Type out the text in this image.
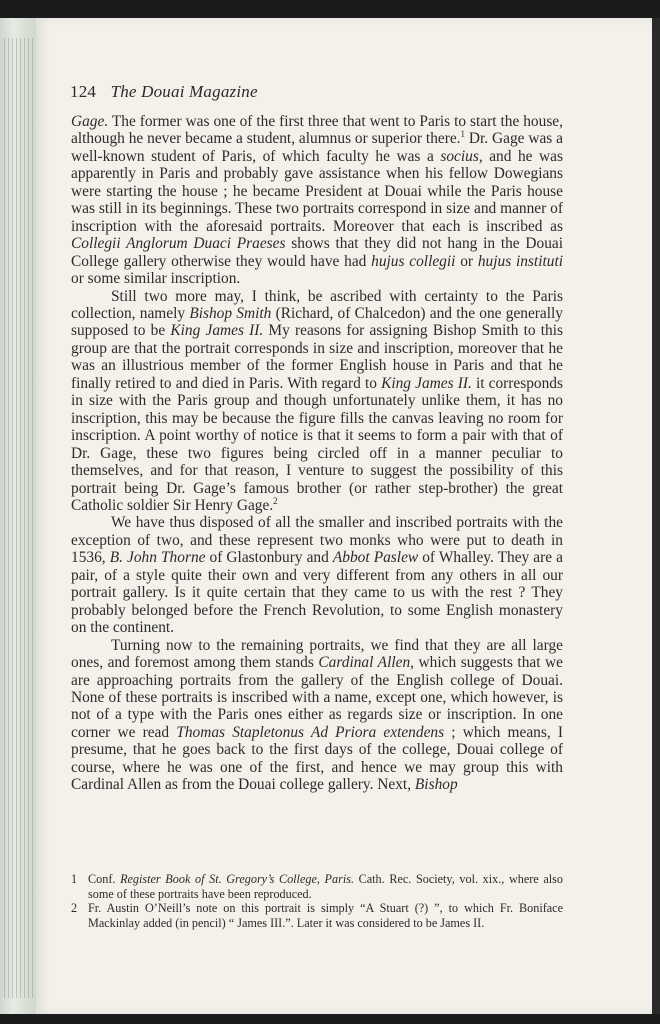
124 The Douai Magazine

Gage. The former was one of the first three that went to Paris to start the house, although he never became a student, alumnus or superior there.$^1$ Dr. Gage was a well-known student of Paris, of which faculty he was a socius, and he was apparently in Paris and probably gave assistance when his fellow Dowegians were starting the house ; he became President at Douai while the Paris house was still in its beginnings. These two portraits correspond in size and manner of inscription with the aforesaid portraits. Moreover that each is inscribed as Collegii Anglorum Duaci Praeses shows that they did not hang in the Douai College gallery otherwise they would have had hujus collegii or hujus instituti or some similar inscription.

Still two more may, I think, be ascribed with certainty to the Paris collection, namely Bishop Smith (Richard, of Chalcedon) and the one generally supposed to be King James II. My reasons for assigning Bishop Smith to this group are that the portrait corresponds in size and inscription, moreover that he was an illustrious member of the former English house in Paris and that he finally retired to and died in Paris. With regard to King James II. it corresponds in size with the Paris group and though unfortunately unlike them, it has no inscription, this may be because the figure fills the canvas leaving no room for inscription. A point worthy of notice is that it seems to form a pair with that of Dr. Gage, these two figures being circled off in a manner peculiar to themselves, and for that reason, I venture to suggest the possibility of this portrait being Dr. Gage’s famous brother (or rather step-brother) the great Catholic soldier Sir Henry Gage.$^2$

We have thus disposed of all the smaller and inscribed portraits with the exception of two, and these represent two monks who were put to death in 1536, B. John Thorne of Glastonbury and Abbot Paslew of Whalley. They are a pair, of a style quite their own and very different from any others in all our portrait gallery. Is it quite certain that they came to us with the rest ? They probably belonged before the French Revolution, to some English monastery on the continent.

Turning now to the remaining portraits, we find that they are all large ones, and foremost among them stands Cardinal Allen, which suggests that we are approaching portraits from the gallery of the English college of Douai. None of these portraits is inscribed with a name, except one, which however, is not of a type with the Paris ones either as regards size or inscription. In one corner we read Thomas Stapletonus Ad Priora extendens ; which means, I presume, that he goes back to the first days of the college, Douai college of course, where he was one of the first, and hence we may group this with Cardinal Allen as from the Douai college gallery. Next, Bishop

1 Conf. Register Book of St. Gregory’s College, Paris. Cath. Rec. Society, vol. xix., where also some of these portraits have been reproduced.

2 Fr. Austin O’Neill’s note on this portrait is simply “A Stuart (?) ”, to which Fr. Boniface Mackinlay added (in pencil) “ James III.”. Later it was considered to be James II.
